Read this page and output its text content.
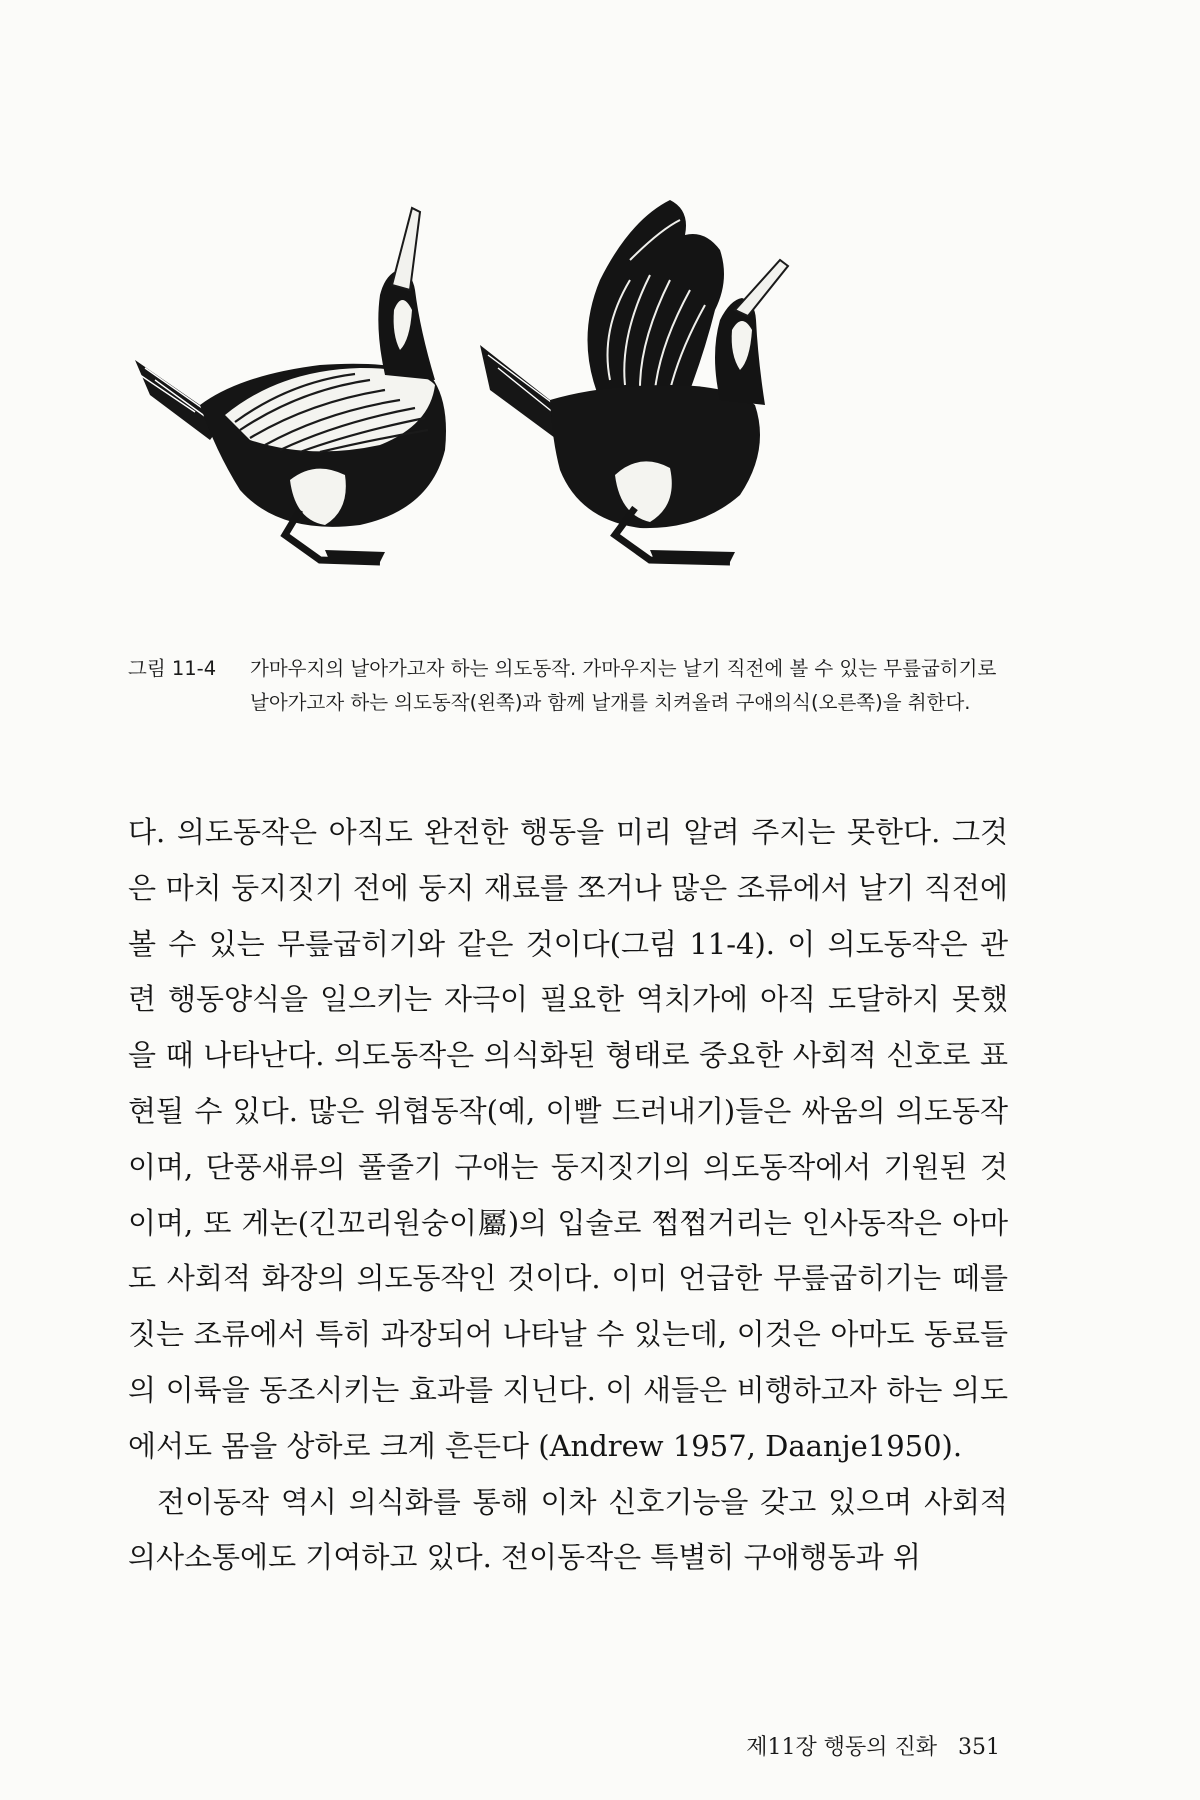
그림 11-4	가마우지의 날아가고자 하는 의도동작. 가마우지는 날기 직전에 볼 수 있는 무릎굽히기로 날아가고자 하는 의도동작(왼쪽)과 함께 날개를 치켜올려 구애의식(오른쪽)을 취한다.

다. 의도동작은 아직도 완전한 행동을 미리 알려 주지는 못한다. 그것은 마치 둥지짓기 전에 둥지 재료를 쪼거나 많은 조류에서 날기 직전에 볼 수 있는 무릎굽히기와 같은 것이다(그림 11-4). 이 의도동작은 관련 행동양식을 일으키는 자극이 필요한 역치가에 아직 도달하지 못했을 때 나타난다. 의도동작은 의식화된 형태로 중요한 사회적 신호로 표현될 수 있다. 많은 위협동작(예, 이빨 드러내기)들은 싸움의 의도동작이며, 단풍새류의 풀줄기 구애는 둥지짓기의 의도동작에서 기원된 것이며, 또 게논(긴꼬리원숭이屬)의 입술로 쩝쩝거리는 인사동작은 아마도 사회적 화장의 의도동작인 것이다. 이미 언급한 무릎굽히기는 떼를 짓는 조류에서 특히 과장되어 나타날 수 있는데, 이것은 아마도 동료들의 이륙을 동조시키는 효과를 지닌다. 이 새들은 비행하고자 하는 의도에서도 몸을 상하로 크게 흔든다 (Andrew 1957, Daanje1950).

전이동작 역시 의식화를 통해 이차 신호기능을 갖고 있으며 사회적 의사소통에도 기여하고 있다. 전이동작은 특별히 구애행동과 위

제11장 행동의 진화 351
